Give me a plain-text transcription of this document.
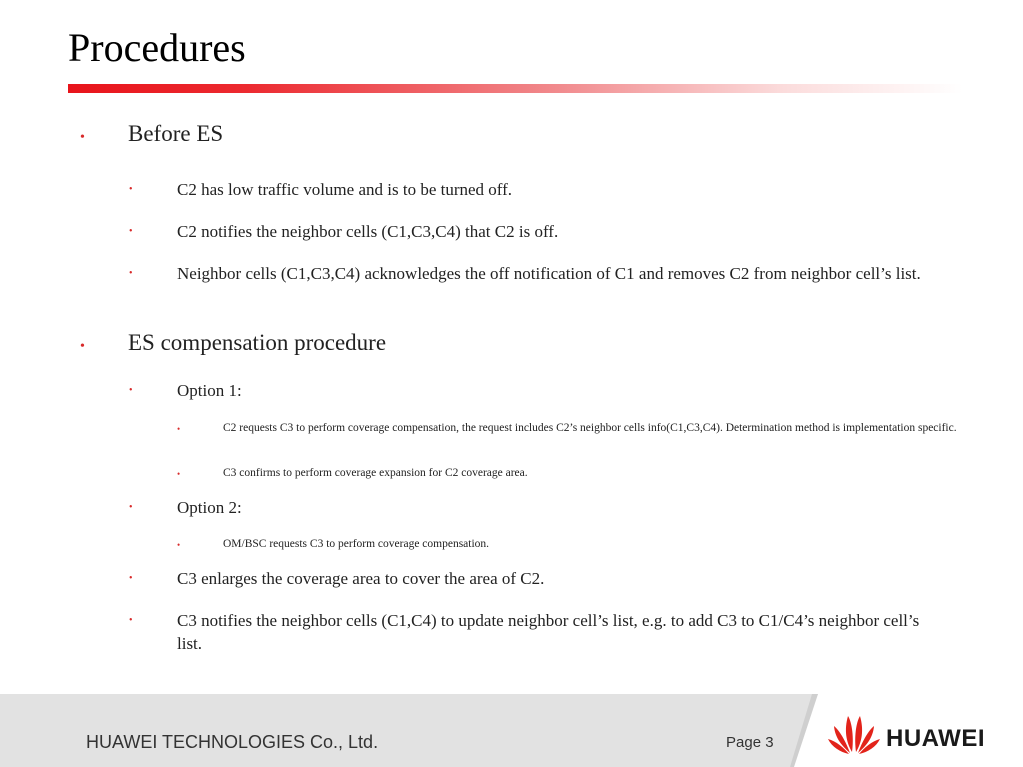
Procedures
• Before ES
•	C2 has low traffic volume and is to be turned off.
•	C2 notifies the neighbor cells (C1,C3,C4) that C2 is off.
•	Neighbor cells (C1,C3,C4) acknowledges the off notification of C1 and removes C2 from neighbor cell’s list.
• ES compensation procedure
•	Option 1:
•	C2 requests C3 to perform coverage compensation, the request includes C2’s neighbor cells info(C1,C3,C4). Determination method is implementation specific.
•	C3 confirms to perform coverage expansion for C2 coverage area.
•	Option 2:
•	OM/BSC requests C3 to perform coverage compensation.
•	C3 enlarges the coverage area to cover the area of C2.
•	C3 notifies the neighbor cells (C1,C4) to update neighbor cell’s list, e.g. to add C3 to C1/C4’s neighbor cell’s list.
HUAWEI TECHNOLOGIES Co., Ltd.	Page 3	HUAWEI
